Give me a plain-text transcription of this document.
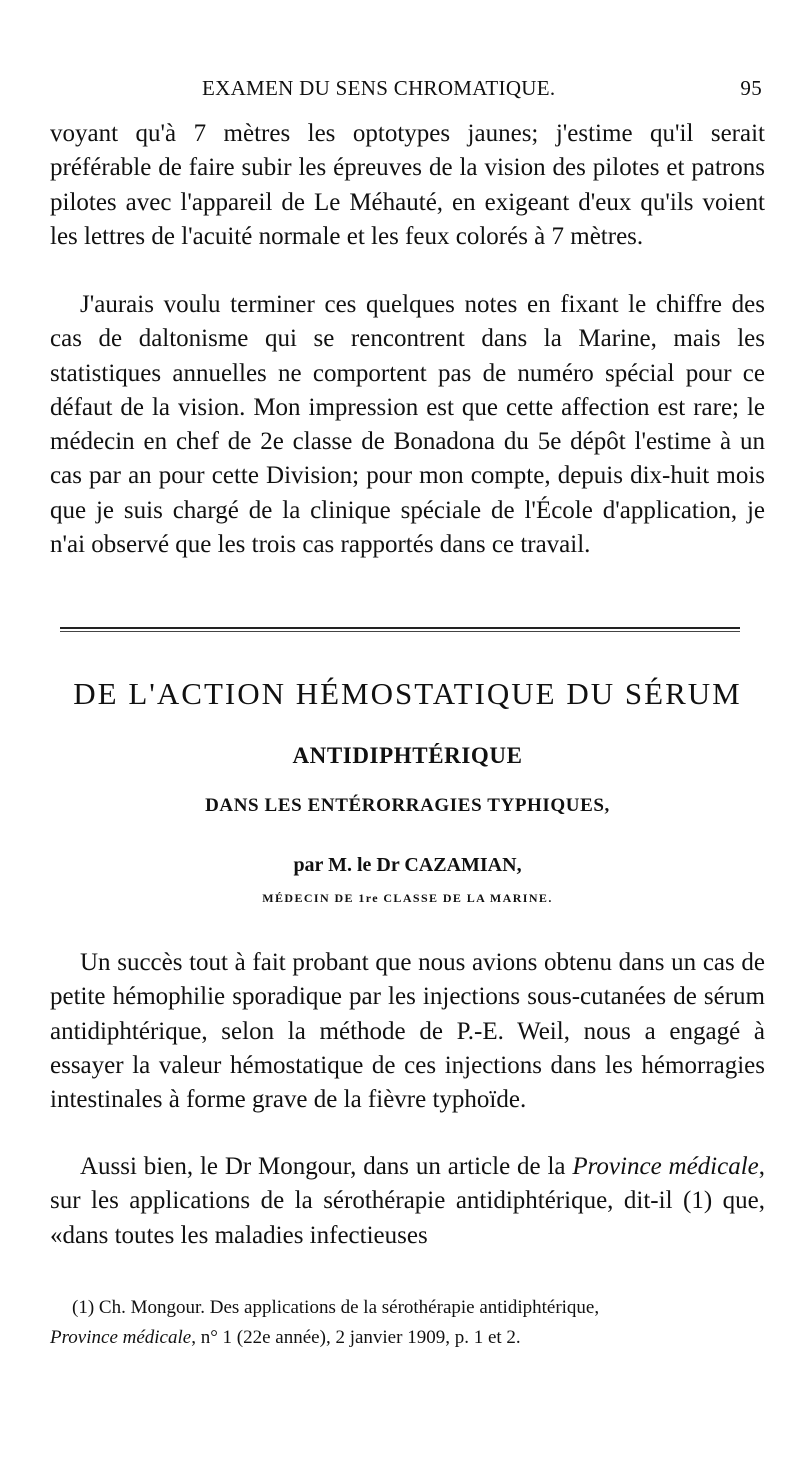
EXAMEN DU SENS CHROMATIQUE.	95

voyant qu'à 7 mètres les optotypes jaunes; j'estime qu'il serait préférable de faire subir les épreuves de la vision des pilotes et patrons pilotes avec l'appareil de Le Méhauté, en exigeant d'eux qu'ils voient les lettres de l'acuité normale et les feux colorés à 7 mètres.

J'aurais voulu terminer ces quelques notes en fixant le chiffre des cas de daltonisme qui se rencontrent dans la Marine, mais les statistiques annuelles ne comportent pas de numéro spécial pour ce défaut de la vision. Mon impression est que cette affection est rare; le médecin en chef de 2e classe de Bonadona du 5e dépôt l'estime à un cas par an pour cette Division; pour mon compte, depuis dix-huit mois que je suis chargé de la clinique spéciale de l'École d'application, je n'ai observé que les trois cas rapportés dans ce travail.

DE L'ACTION HÉMOSTATIQUE DU SÉRUM
ANTIDIPHTÉRIQUE
DANS LES ENTÉRORRAGIES TYPHIQUES,
par M. le Dr CAZAMIAN,
MÉDECIN DE 1re CLASSE DE LA MARINE.

Un succès tout à fait probant que nous avions obtenu dans un cas de petite hémophilie sporadique par les injections sous-cutanées de sérum antidiphtérique, selon la méthode de P.-E. Weil, nous a engagé à essayer la valeur hémostatique de ces injections dans les hémorragies intestinales à forme grave de la fièvre typhoïde.

Aussi bien, le Dr Mongour, dans un article de la Province médicale, sur les applications de la sérothérapie antidiphtérique, dit-il (1) que, «dans toutes les maladies infectieuses

(1) Ch. Mongour. Des applications de la sérothérapie antidiphtérique,
Province médicale, n° 1 (22e année), 2 janvier 1909, p. 1 et 2.
